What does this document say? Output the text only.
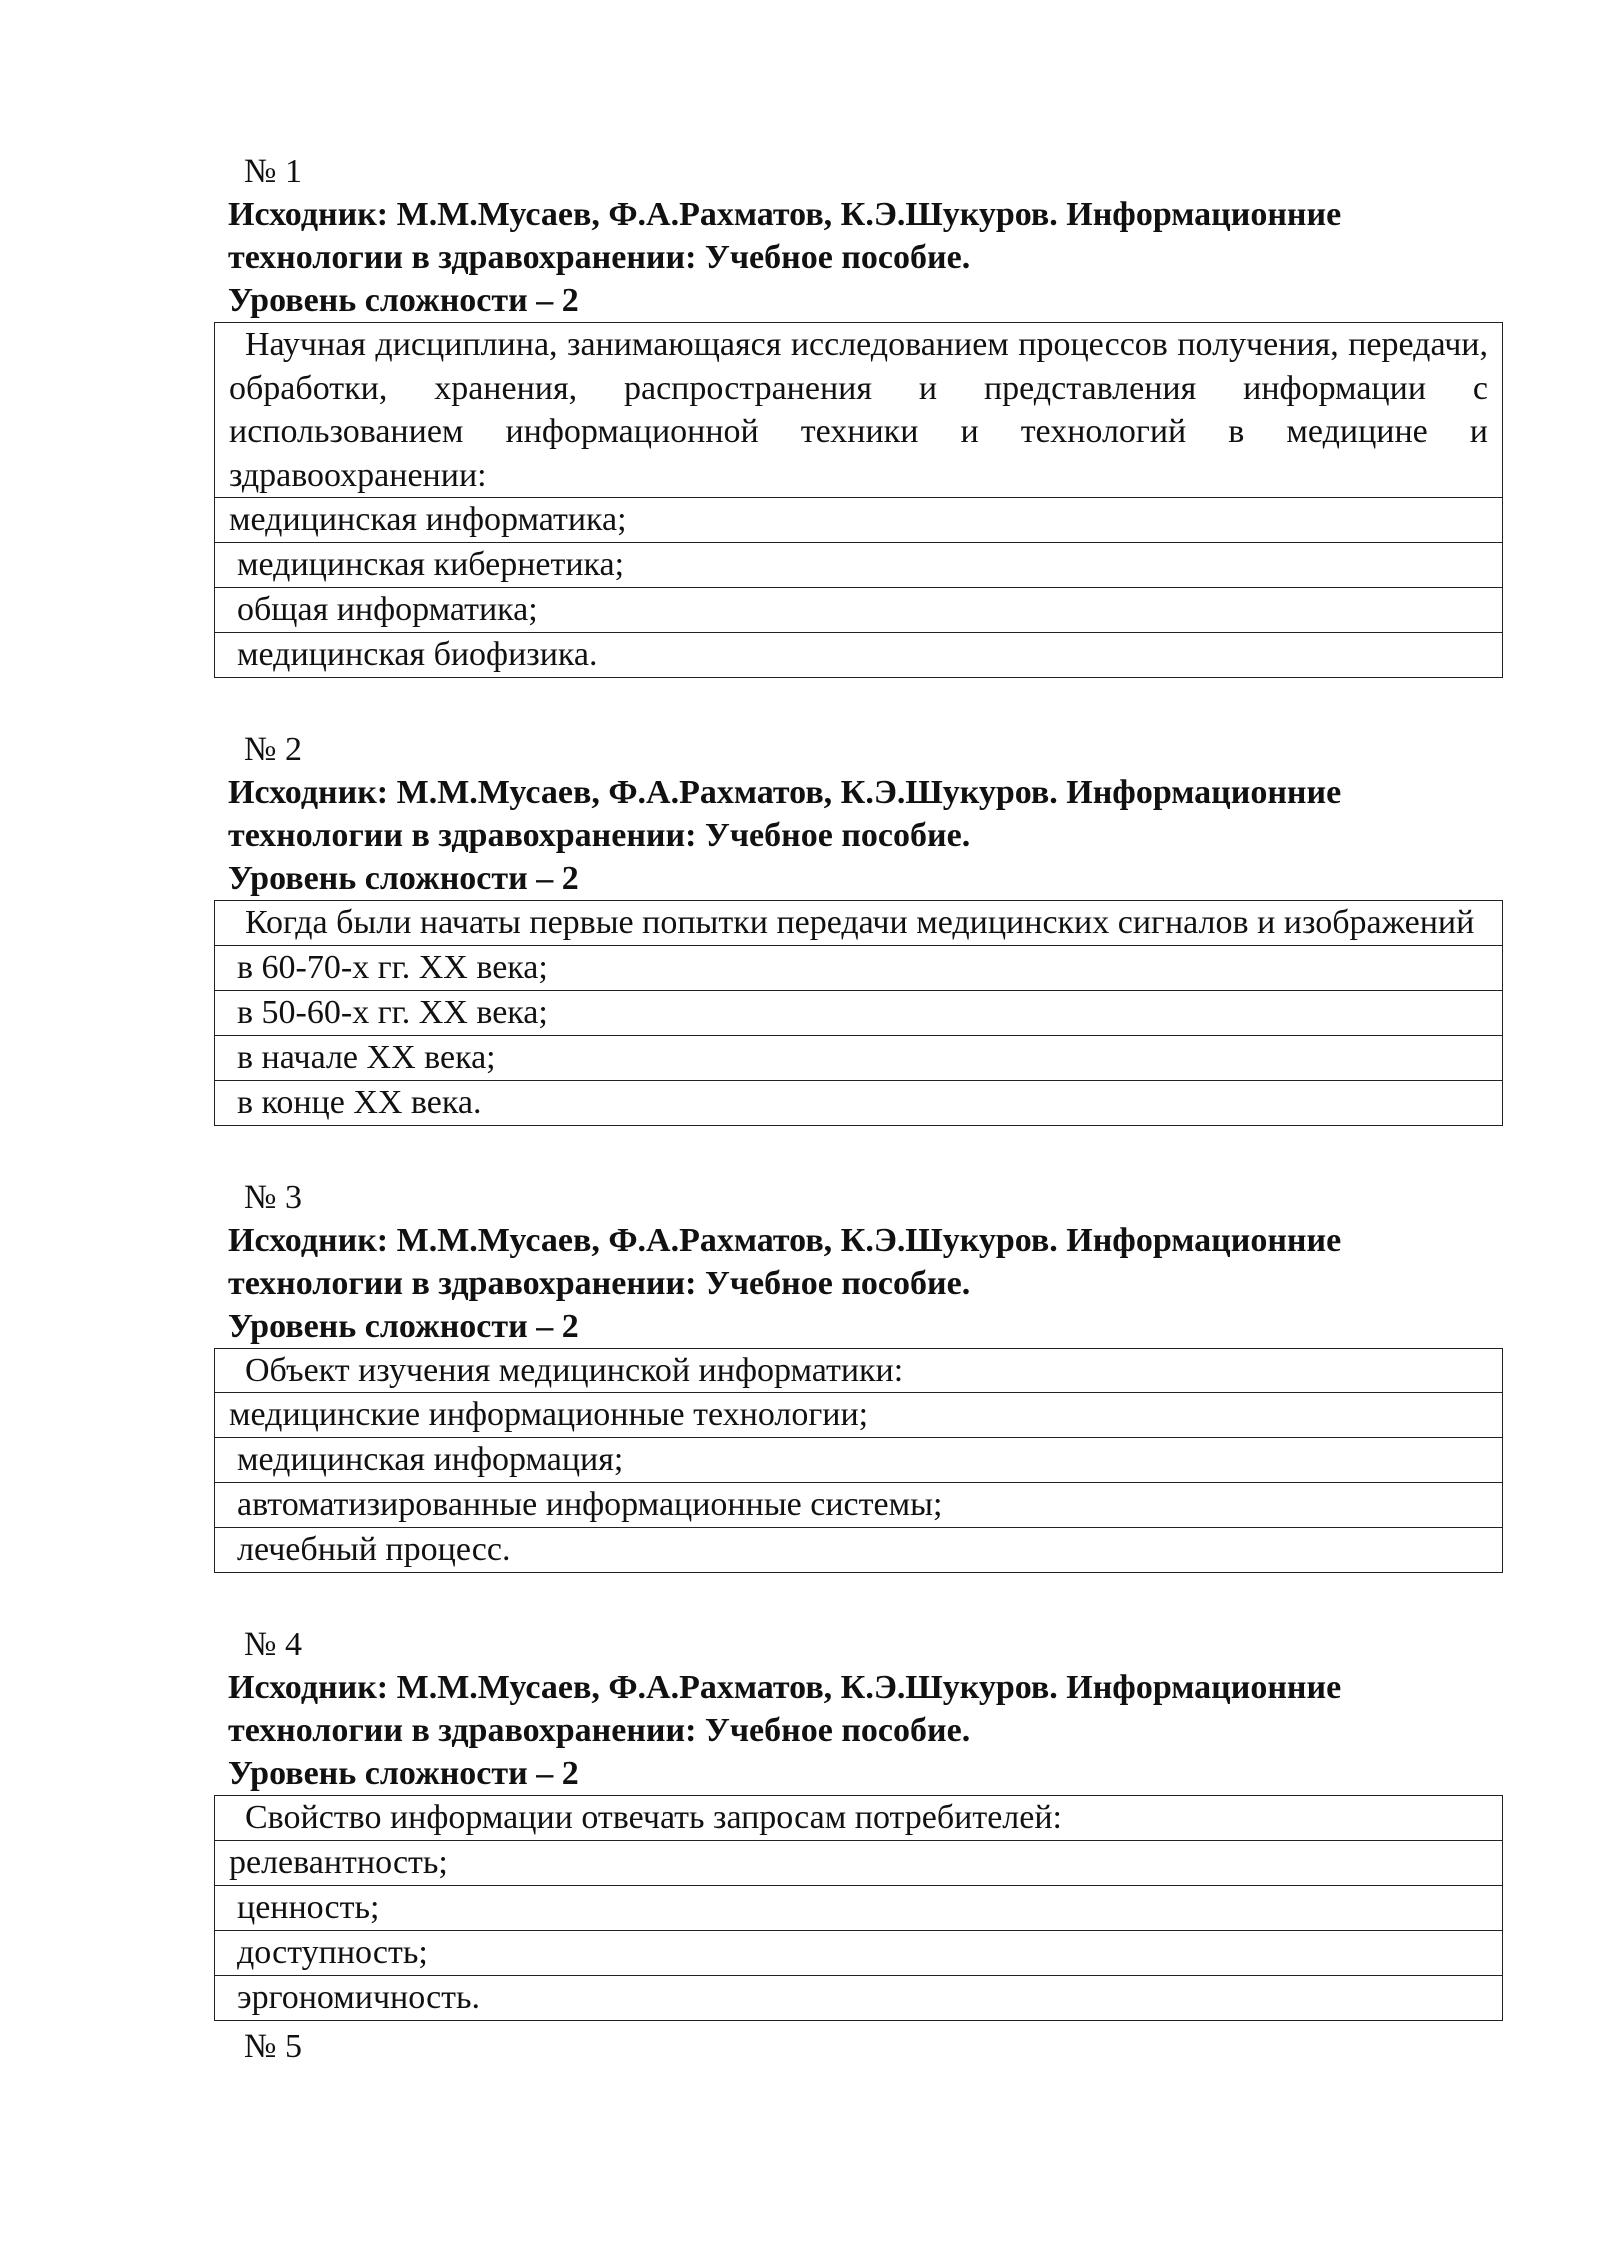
№ 1

Исходник: М.М.Мусаев, Ф.А.Рахматов, К.Э.Шукуров. Информационние технологии в здравохранении: Учебное пособие.

Уровень сложности – 2

Научная дисциплина, занимающаяся исследованием процессов получения, передачи, обработки, хранения, распространения и представления информации с использованием информационной техники и технологий в медицине и здравоохранении:
медицинская информатика;
медицинская кибернетика;
общая информатика;
медицинская биофизика.

№ 2

Исходник: М.М.Мусаев, Ф.А.Рахматов, К.Э.Шукуров. Информационние технологии в здравохранении: Учебное пособие.

Уровень сложности – 2

Когда были начаты первые попытки передачи медицинских сигналов и изображений
в 60-70-х гг. XX века;
в 50-60-х гг. XX века;
в начале XX века;
в конце XX века.

№ 3

Исходник: М.М.Мусаев, Ф.А.Рахматов, К.Э.Шукуров. Информационние технологии в здравохранении: Учебное пособие.

Уровень сложности – 2

Объект изучения медицинской информатики:
медицинские информационные технологии;
медицинская информация;
автоматизированные информационные системы;
лечебный процесс.

№ 4

Исходник: М.М.Мусаев, Ф.А.Рахматов, К.Э.Шукуров. Информационние технологии в здравохранении: Учебное пособие.

Уровень сложности – 2

Свойство информации отвечать запросам потребителей:
релевантность;
ценность;
доступность;
эргономичность.

№ 5
